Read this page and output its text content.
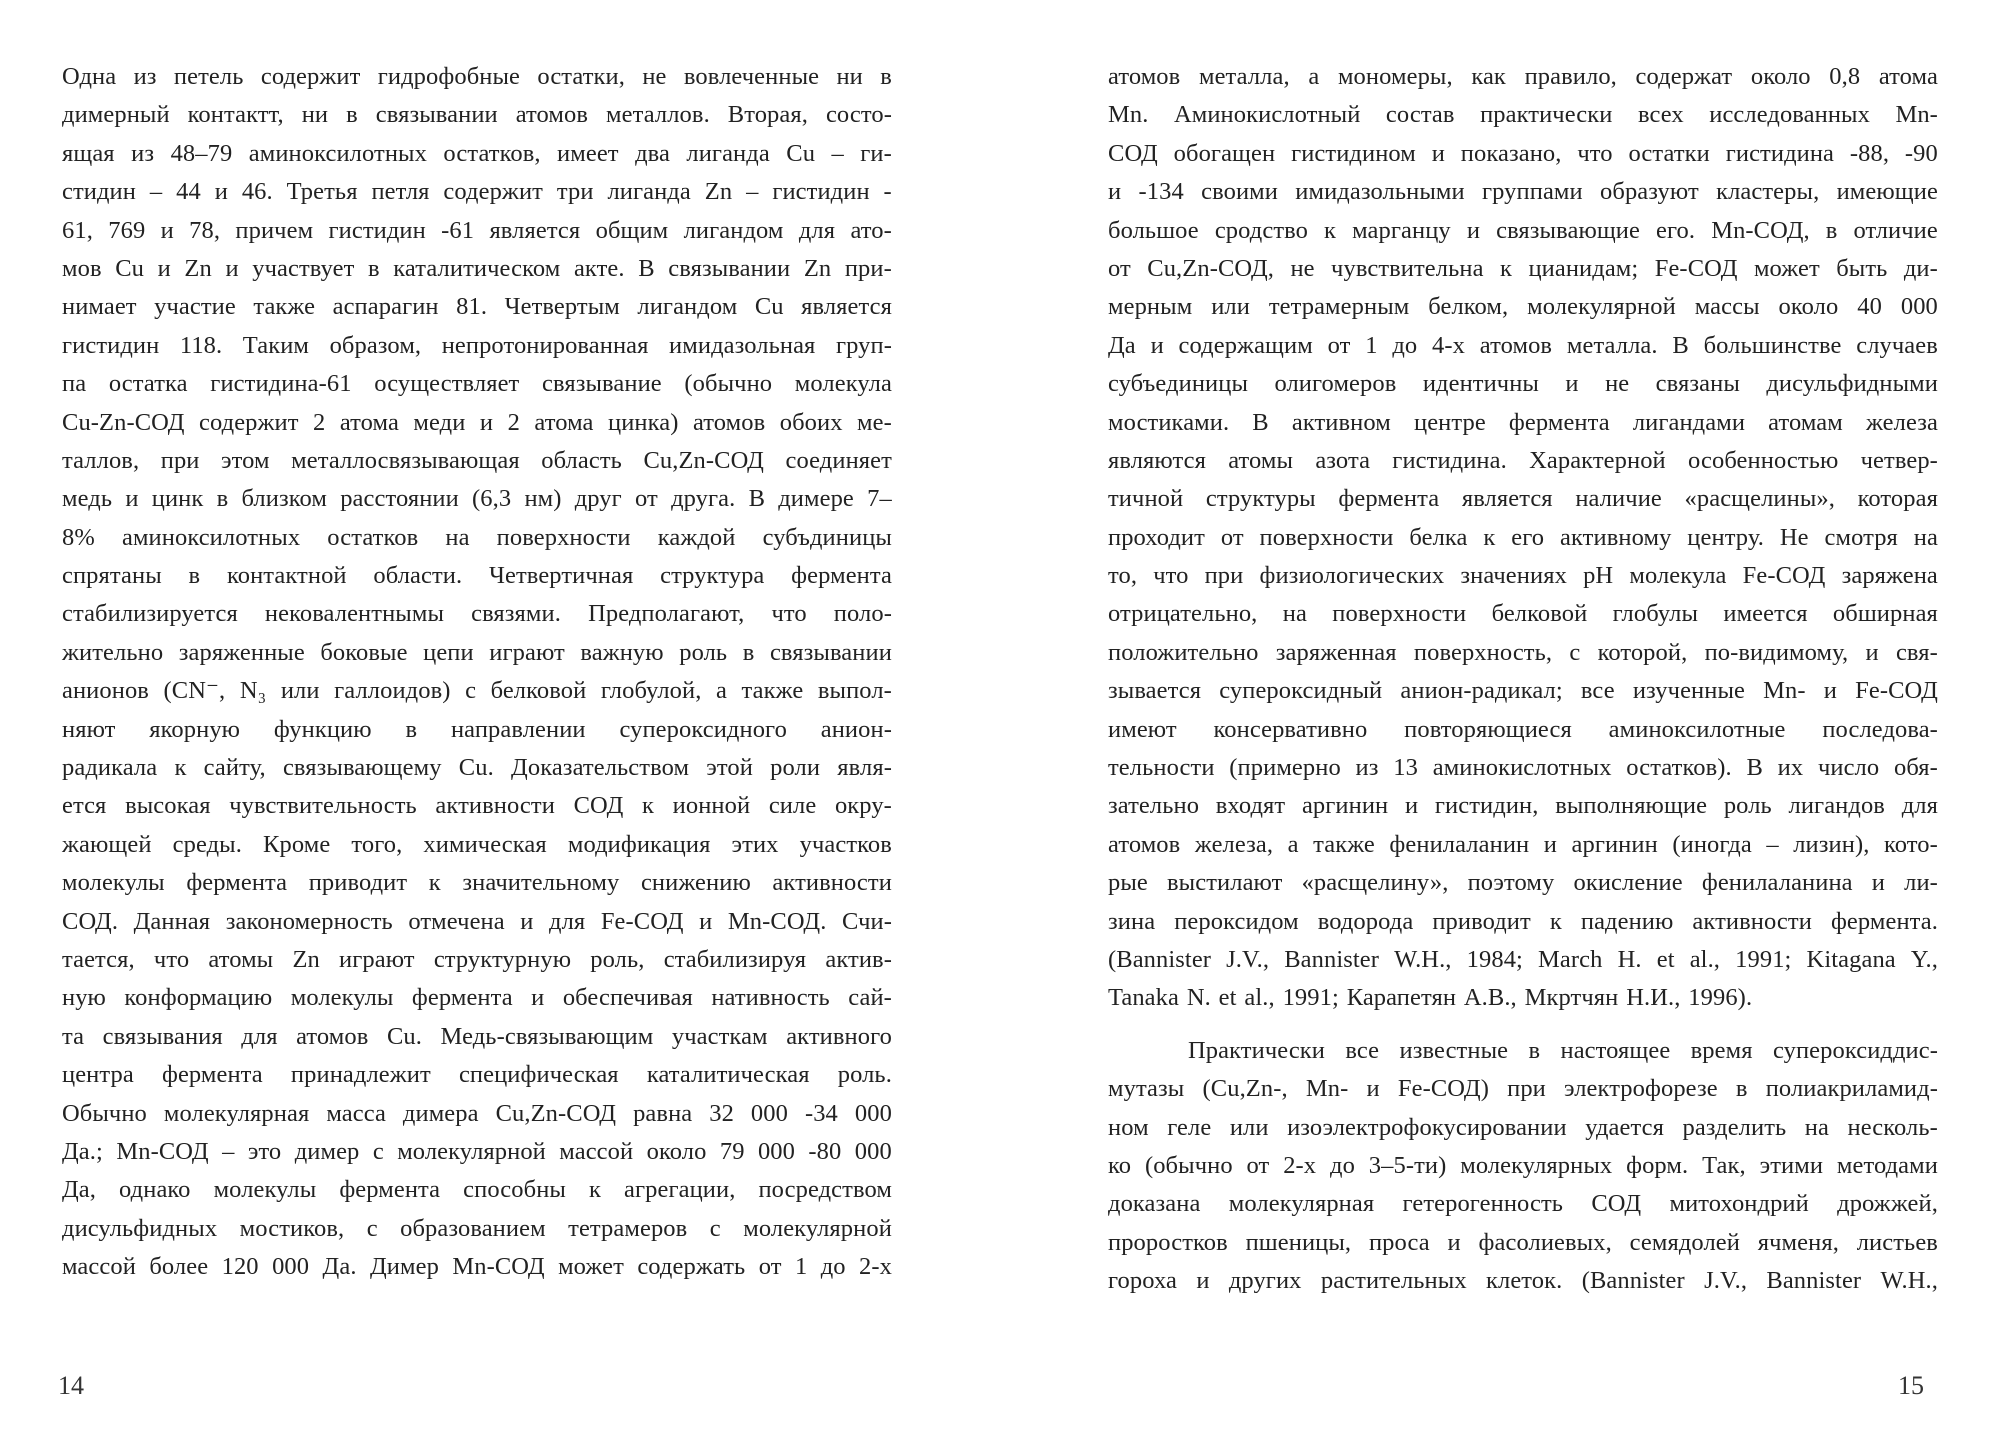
Одна из петель содержит гидрофобные остатки, не вовлеченные ни в
димерный контактт, ни в связывании атомов металлов. Вторая, состо-
ящая из 48–79 аминоксилотных остатков, имеет два лиганда Cu – ги-
стидин – 44 и 46. Третья петля содержит три лиганда Zn – гистидин -
61, 769 и 78, причем гистидин -61 является общим лигандом для ато-
мов Cu и Zn и участвует в каталитическом акте. В связывании Zn при-
нимает участие также аспарагин 81. Четвертым лигандом Cu является
гистидин 118. Таким образом, непротонированная имидазольная груп-
па остатка гистидина-61 осуществляет связывание (обычно молекула
Cu-Zn-СОД содержит 2 атома меди и 2 атома цинка) атомов обоих ме-
таллов, при этом металлосвязывающая область Cu,Zn-СОД соединяет
медь и цинк в близком расстоянии (6,3 нм) друг от друга. В димере 7–
8% аминоксилотных остатков на поверхности каждой субъдиницы
спрятаны в контактной области. Четвертичная структура фермента
стабилизируется нековалентнымы связями. Предполагают, что поло-
жительно заряженные боковые цепи играют важную роль в связывании
анионов (CN⁻, N₃ или галлоидов) с белковой глобулой, а также выпол-
няют якорную функцию в направлении супероксидного анион-
радикала к сайту, связывающему Cu. Доказательством этой роли явля-
ется высокая чувствительность активности СОД к ионной силе окру-
жающей среды. Кроме того, химическая модификация этих участков
молекулы фермента приводит к значительному снижению активности
СОД. Данная закономерность отмечена и для Fe-СОД и Mn-СОД. Счи-
тается, что атомы Zn играют структурную роль, стабилизируя актив-
ную конформацию молекулы фермента и обеспечивая нативность сай-
та связывания для атомов Cu. Медь-связывающим участкам активного
центра фермента принадлежит специфическая каталитическая роль.
Обычно молекулярная масса димера Cu,Zn-СОД равна 32 000 -34 000
Да.; Mn-СОД – это димер с молекулярной массой около 79 000 -80 000
Да, однако молекулы фермента способны к агрегации, посредством
дисульфидных мостиков, с образованием тетрамеров с молекулярной
массой более 120 000 Да. Димер Mn-СОД может содержать от 1 до 2-х
14
атомов металла, а мономеры, как правило, содержат около 0,8 атома
Mn. Аминокислотный состав практически всех исследованных Mn-
СОД обогащен гистидином и показано, что остатки гистидина -88, -90
и -134 своими имидазольными группами образуют кластеры, имеющие
большое сродство к марганцу и связывающие его. Mn-СОД, в отличие
от Cu,Zn-СОД, не чувствительна к цианидам; Fe-СОД может быть ди-
мерным или тетрамерным белком, молекулярной массы около 40 000
Да и содержащим от 1 до 4-х атомов металла. В большинстве случаев
субъединицы олигомеров идентичны и не связаны дисульфидными
мостиками. В активном центре фермента лигандами атомам железа
являются атомы азота гистидина. Характерной особенностью четвер-
тичной структуры фермента является наличие «расщелины», которая
проходит от поверхности белка к его активному центру. Не смотря на
то, что при физиологических значениях pH молекула Fe-СОД заряжена
отрицательно, на поверхности белковой глобулы имеется обширная
положительно заряженная поверхность, с которой, по-видимому, и свя-
зывается супероксидный анион-радикал; все изученные Mn- и Fe-СОД
имеют консервативно повторяющиеся аминоксилотные последова-
тельности (примерно из 13 аминокислотных остатков). В их число обя-
зательно входят аргинин и гистидин, выполняющие роль лигандов для
атомов железа, а также фенилаланин и аргинин (иногда – лизин), кото-
рые выстилают «расщелину», поэтому окисление фенилаланина и ли-
зина пероксидом водорода приводит к падению активности фермента.
(Bannister J.V., Bannister W.H., 1984; March H. et al., 1991; Kitagana Y.,
Tanaka N. et al., 1991; Карапетян А.В., Мкртчян Н.И., 1996).
Практически все известные в настоящее время супероксиддис-
мутазы (Cu,Zn-, Mn- и Fe-СОД) при электрофорезе в полиакриламид-
ном геле или изоэлектрофокусировании удается разделить на несколь-
ко (обычно от 2-х до 3–5-ти) молекулярных форм. Так, этими методами
доказана молекулярная гетерогенность СОД митохондрий дрожжей,
проростков пшеницы, проса и фасолиевых, семядолей ячменя, листьев
гороха и других растительных клеток. (Bannister J.V., Bannister W.H.,
15
